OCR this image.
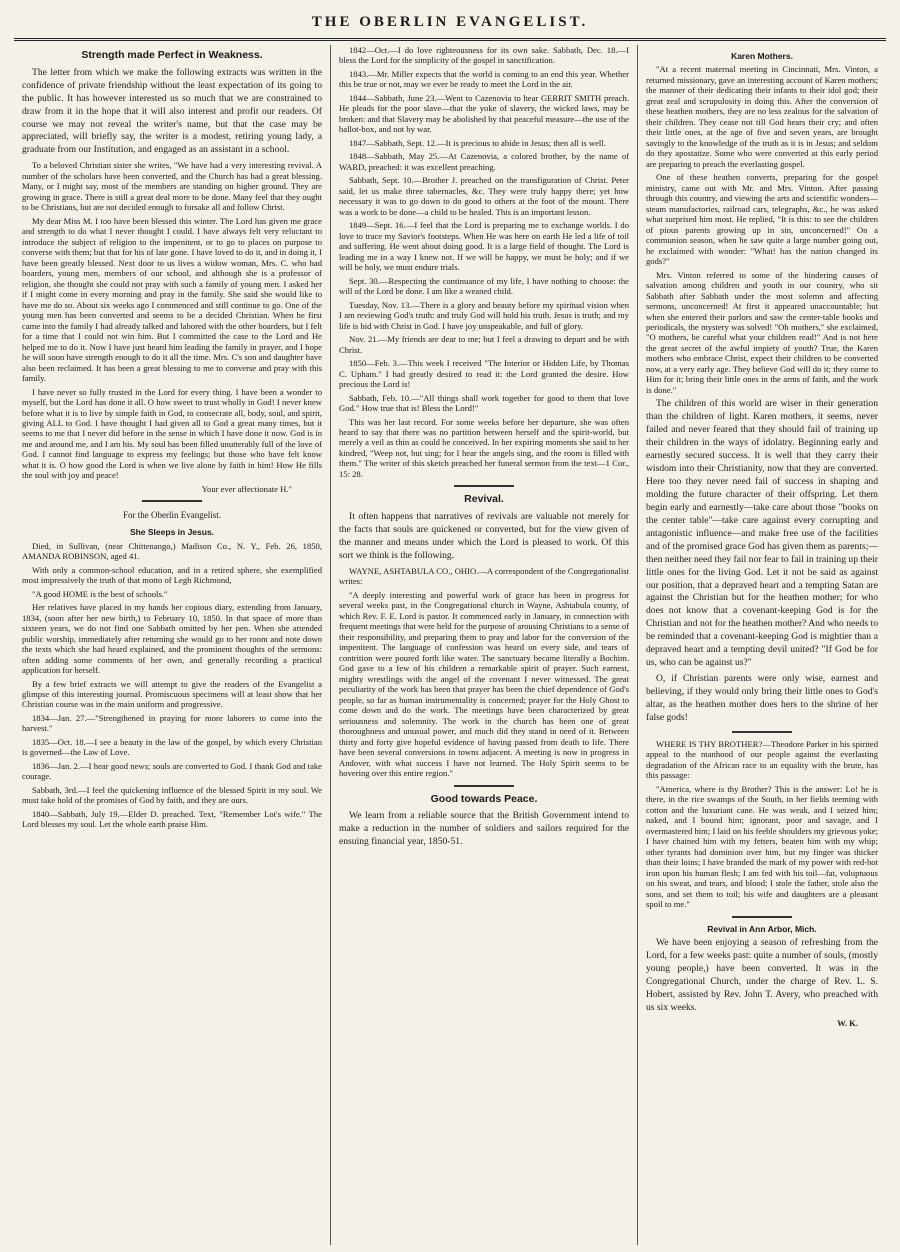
THE OBERLIN EVANGELIST.
Strength made Perfect in Weakness.

The letter from which we make the following extracts was written in the confidence of private friendship without the least expectation of its going to the public. It has however interested us so much that we are constrained to draw from it in the hope that it will also interest and profit our readers. Of course we may not reveal the writer's name, but that the case may be appreciated, will briefly say, the writer is a modest, retiring young lady, a graduate from our Institution, and engaged as an assistant in a school.

To a beloved Christian sister she writes, "We have had a very interesting revival. A number of the scholars have been converted, and the Church has had a great blessing. Many, or I might say, most of the members are standing on higher ground. They are growing in grace. There is still a great deal more to be done. Many feel that they ought to be Christians, but are not decided enough to forsake all and follow Christ.

My dear Miss M. I too have been blessed this winter. The Lord has given me grace and strength to do what I never thought I could. I have always felt very reluctant to introduce the subject of religion to the impenitent, or to go to places on purpose to converse with them; but that for his of late gone. I have loved to do it, and in doing it, I have been greatly blessed. Next door to us lives a widow woman, Mrs. C. who had boarders, young men, members of our school, and although she is a professor of religion, she thought she could not pray with such a family of young men. I asked her if I might come in every morning and pray in the family. She said she would like to have me do so. About six weeks ago I commenced and still continue to go. One of the young men has been converted and seems to be a decided Christian. When he first came into the family I had already talked and labored with the other boarders, but I felt for a time that I could not win him. But I committed the case to the Lord and He helped me to do it. Now I have just heard him leading the family in prayer, and I hope he will soon have strength enough to do it all the time. Mrs. C's son and daughter have also been reclaimed. It has been a great blessing to me to converse and pray with this family.

I have never so fully trusted in the Lord for every thing. I have been a wonder to myself, but the Lord has done it all. O how sweet to trust wholly in God! I never knew before what it is to live by simple faith in God, to consecrate all, body, soul, and spirit, giving ALL to God. I have thought I had given all to God a great many times, but it seems to me that I never did before in the sense in which I have done it now. God is in me and around me, and I am his. My soul has been filled unutterably full of the love of God. I cannot find language to express my feelings; but those who have felt know what it is. O how good the Lord is when we live alone by faith in him! How He fills the soul with joy and peace!

Your ever affectionate H."
For the Oberlin Evangelist.
She Sleeps in Jesus.

Died, in Sullivan, (near Chittenango,) Madison Co., N. Y., Feb. 26, 1850, AMANDA ROBINSON, aged 41.

With only a common-school education, and in a retired sphere, she exemplified most impressively the truth of that motto of Legh Richmond,

"A good HOME is the best of schools."

Her relatives have placed in my hands her copious diary, extending from January, 1834, (soon after her new birth,) to February 10, 1850. In that space of more than sixteen years, we do not find one Sabbath omitted by her pen. When she attended public worship, immediately after returning she would go to her room and note down the texts which she had heard explained, and the prominent thoughts of the sermons: often adding some comments of her own, and generally recording a practical application for herself.

By a few brief extracts we will attempt to give the readers of the Evangelist a glimpse of this interesting journal. Promiscuous specimens will at least show that her Christian course was in the main uniform and progressive.

1834—Jan. 27.—"Strengthened in praying for more laborers to come into the harvest."

1835—Oct. 18.—I see a beauty in the law of the gospel, by which every Christian is governed—the Law of Love.

1836—Jan. 2.—I hear good news; souls are converted to God. I thank God and take courage.

Sabbath, 3rd.—I feel the quickening influence of the blessed Spirit in my soul. We must take hold of the promises of God by faith, and they are ours.

1840—Sabbath, July 19.—Elder D. preached. Text, "Remember Lot's wife." The Lord blesses my soul. Let the whole earth praise Him.

1842—Oct.—I do love righteousness for its own sake. Sabbath, Dec. 18.—I bless the Lord for the simplicity of the gospel in sanctification.

1843.—Mr. Miller expects that the world is coming to an end this year. Whether this be true or not, may we ever be ready to meet the Lord in the air.

1844—Sabbath, June 23.—Went to Cazenovia to hear GERRIT SMITH preach. He pleads for the poor slave—that the yoke of slavery, the wicked laws, may be broken: and that Slavery may be abolished by that peaceful measure—the use of the ballot-box, and not by war.

1847—Sabbath, Sept. 12.—It is precious to abide in Jesus; then all is well.

1848—Sabbath, May 25.—At Cazenovia, a colored brother, by the name of WARD, preached: it was excellent preaching.

Sabbath, Sept. 10.—Brother J. preached on the transfiguration of Christ. Peter said, let us make three tabernacles, &c. They were truly happy there; yet how necessary it was to go down to do good to others at the foot of the mount. There was a work to be done—a child to be healed. This is an important lesson.

1849—Sept. 16.—I feel that the Lord is preparing me to exchange worlds. I do love to trace my Savior's footsteps. When He was here on earth He led a life of toil and suffering. He went about doing good. It is a large field of thought. The Lord is leading me in a way I knew not. If we will be happy, we must be holy; and if we will be holy, we must endure trials.

Sept. 30.—Respecting the continuance of my life, I have nothing to choose: the will of the Lord be done. I am like a weaned child.

Tuesday, Nov. 13.—There is a glory and beauty before my spiritual vision when I am reviewing God's truth: and truly God will hold his truth. Jesus is truth; and my life is hid with Christ in God. I have joy unspeakable, and full of glory.

Nov. 21.—My friends are dear to me; but I feel a drawing to depart and be with Christ.

1850—Feb. 3.—This week I received "The Interior or Hidden Life, by Thomas C. Upham." I had greatly desired to read it: the Lord granted the desire. How precious the Lord is!

Sabbath, Feb. 10.—"All things shall work together for good to them that love God." How true that is! Bless the Lord!"

This was her last record. For some weeks before her departure, she was often heard to say that there was no partition between herself and the spirit-world, but merely a veil as thin as could be conceived. In her expiring moments she said to her kindred, "Weep not, but sing; for I hear the angels sing, and the room is filled with them." The writer of this sketch preached her funeral sermon from the text—1 Cor., 15: 28.

Revival.

It often happens that narratives of revivals are valuable not merely for the facts that souls are quickened or converted, but for the view given of the manner and means under which the Lord is pleased to work. Of this sort we think is the following.

WAYNE, ASHTABULA CO., OHIO.—A correspondent of the Congregationalist writes:

"A deeply interesting and powerful work of grace has been in progress for several weeks past, in the Congregational church in Wayne, Ashtabula county, of which Rev. F. E. Lord is pastor. It commenced early in January, in connection with frequent meetings that were held for the purpose of arousing Christians to a sense of their responsibility, and preparing them to pray and labor for the conversion of the impenitent. The language of confession was heard on every side, and tears of contrition were poured forth like water. The sanctuary became literally a Bochim. God gave to a few of his children a remarkable spirit of prayer. Such earnest, mighty wrestlings with the angel of the covenant I never witnessed. The great peculiarity of the work has been that prayer has been the chief dependence of God's people, so far as human instrumentality is concerned; prayer for the Holy Ghost to come down and do the work. The meetings have been characterized by great seriousness and solemnity. The work in the church has been one of great thoroughness and unusual power, and much did they stand in need of it. Between thirty and forty give hopeful evidence of having passed from death to life. There have been several conversions in towns adjacent. A meeting is now in progress in Andover, with what success I have not learned. The Holy Spirit seems to be hovering over this entire region."

Good towards Peace.

We learn from a reliable source that the British Government intend to make a reduction in the number of soldiers and sailors required for the ensuing financial year, 1850-51.

Karen Mothers.

"At a recent maternal meeting in Cincinnati, Mrs. Vinton, a returned missionary, gave an interesting account of Karen mothers; the manner of their dedicating their infants to their idol god; their great zeal and scrupulosity in doing this. After the conversion of these heathen mothers, they are no less zealous for the salvation of their children. They cease not till God hears their cry; and often their little ones, at the age of five and seven years, are brought savingly to the knowledge of the truth as it is in Jesus; and seldom do they apostatize. Some who were converted at this early period are preparing to preach the everlasting gospel.

One of these heathen converts, preparing for the gospel ministry, came out with Mr. and Mrs. Vinton. After passing through this country, and viewing the arts and scientific wonders—steam manufactories, railroad cars, telegraphs, &c., he was asked what surprised him most. He replied, "It is this: to see the children of pious parents growing up in sin, unconcerned!" On a communion season, when he saw quite a large number going out, he exclaimed with wonder: "What! has the nation changed its gods?"

Mrs. Vinton referred to some of the hindering causes of salvation among children and youth in our country, who sit Sabbath after Sabbath under the most solemn and affecting sermons, unconcerned! At first it appeared unaccountable; but when she entered their parlors and saw the center-table books and periodicals, the mystery was solved! "Oh mothers," she exclaimed, "O mothers, be careful what your children read!" And is not here the great secret of the awful impiety of youth? True, the Karen mothers who embrace Christ, expect their children to be converted now, at a very early age. They believe God will do it; they come to Him for it; bring their little ones in the arms of faith, and the work is done."

The children of this world are wiser in their generation than the children of light. Karen mothers, it seems, never failed and never feared that they should fail of training up their children in the ways of idolatry. Beginning early and earnestly secured success. It is well that they carry their wisdom into their Christianity, now that they are converted. Here too they never need fail of success in shaping and molding the future character of their offspring. Let them begin early and earnestly—take care about those "books on the center table"—take care against every corrupting and antagonistic influence—and make free use of the facilities and of the promised grace God has given them as parents;—then neither need they fail nor fear to fail in training up their little ones for the living God. Let it not be said as against our position, that a depraved heart and a tempting Satan are against the Christian but for the heathen mother; for who does not know that a covenant-keeping God is for the Christian and not for the heathen mother? And who needs to be reminded that a covenant-keeping God is mightier than a depraved heart and a tempting devil united? "If God be for us, who can be against us?"

O, if Christian parents were only wise, earnest and believing, if they would only bring their little ones to God's altar, as the heathen mother does hers to the shrine of her false gods!

WHERE IS THY BROTHER?—Theodore Parker in his spirited appeal to the manhood of our people against the everlasting degradation of the African race to an equality with the brute, has this passage:

"America, where is thy Brother? This is the answer: Lo! he is there, in the rice swamps of the South, in her fields teeming with cotton and the luxuriant cane. He was weak, and I seized him; naked, and I bound him; ignorant, poor and savage, and I overmastered him; I laid on his feeble shoulders my grievous yoke; I have chained him with my fetters, beaten him with my whip; other tyrants had dominion over him, but my finger was thicker than their loins; I have branded the mark of my power with red-hot iron upon his human flesh; I am fed with his toil—fat, voluptuous on his sweat, and tears, and blood; I stole the father, stole also the sons, and set them to toil; his wife and daughters are a pleasant spoil to me."

Revival in Ann Arbor, Mich.

We have been enjoying a season of refreshing from the Lord, for a few weeks past: quite a number of souls, (mostly young people,) have been converted. It was in the Congregational Church, under the charge of Rev. L. S. Hobert, assisted by Rev. John T. Avery, who preached with us six weeks.

W. K.
